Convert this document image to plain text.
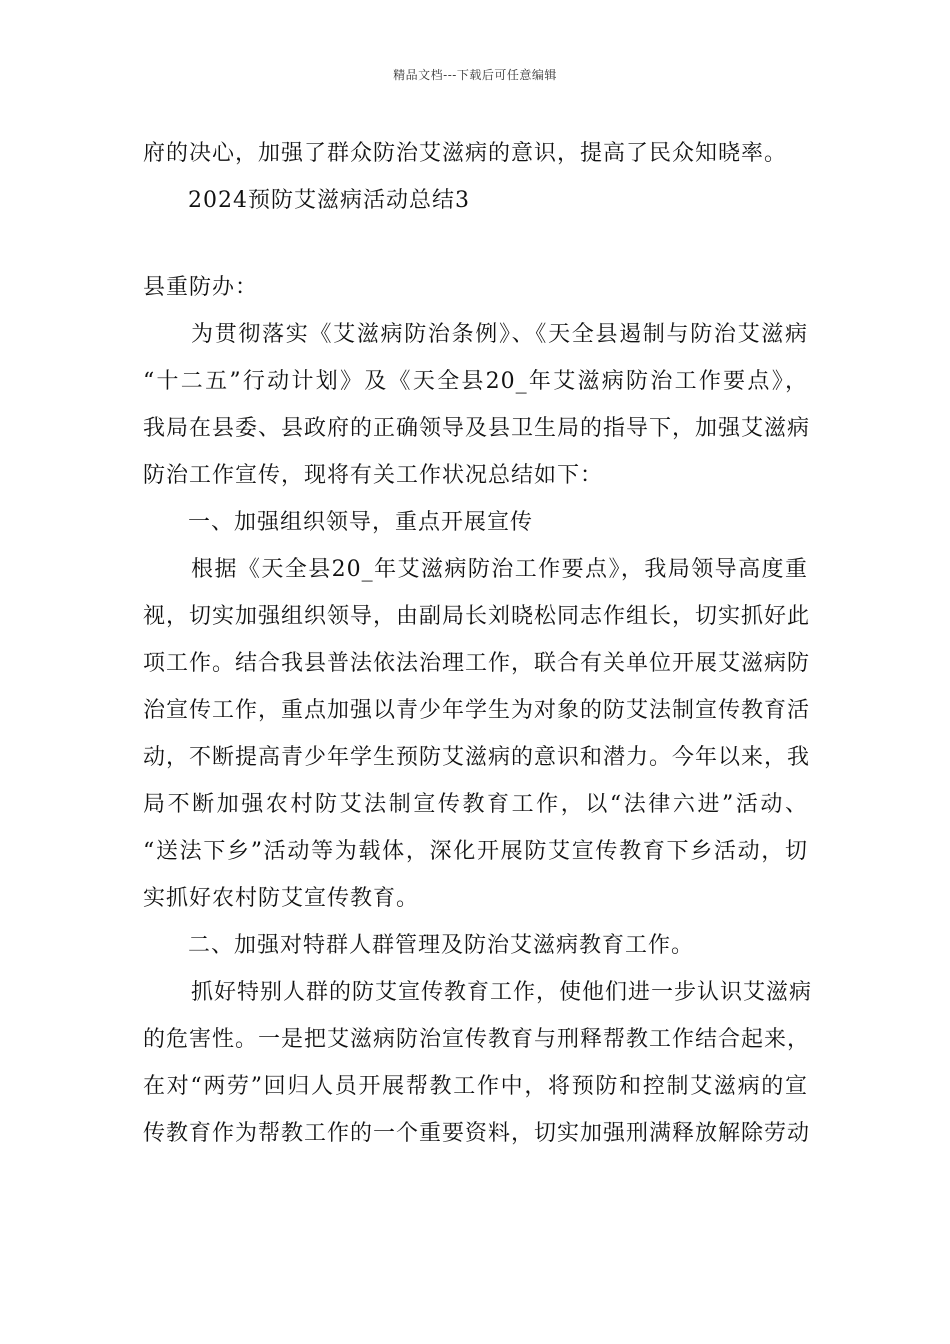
精品文档---下载后可任意编辑
府的决心，加强了群众防治艾滋病的意识，提高了民众知晓率。
2024预防艾滋病活动总结3
县重防办：
为贯彻落实《艾滋病防治条例》、《天全县遏制与防治艾滋病
“十二五”行动计划》及《天全县20_年艾滋病防治工作要点》，
我局在县委、县政府的正确领导及县卫生局的指导下，加强艾滋病
防治工作宣传，现将有关工作状况总结如下：
一、加强组织领导，重点开展宣传
根据《天全县20_年艾滋病防治工作要点》，我局领导高度重
视，切实加强组织领导，由副局长刘晓松同志作组长，切实抓好此
项工作。结合我县普法依法治理工作，联合有关单位开展艾滋病防
治宣传工作，重点加强以青少年学生为对象的防艾法制宣传教育活
动，不断提高青少年学生预防艾滋病的意识和潜力。今年以来，我
局不断加强农村防艾法制宣传教育工作，以“法律六进”活动、
“送法下乡”活动等为载体，深化开展防艾宣传教育下乡活动，切
实抓好农村防艾宣传教育。
二、加强对特群人群管理及防治艾滋病教育工作。
抓好特别人群的防艾宣传教育工作，使他们进一步认识艾滋病
的危害性。一是把艾滋病防治宣传教育与刑释帮教工作结合起来，
在对“两劳”回归人员开展帮教工作中，将预防和控制艾滋病的宣
传教育作为帮教工作的一个重要资料，切实加强刑满释放解除劳动
